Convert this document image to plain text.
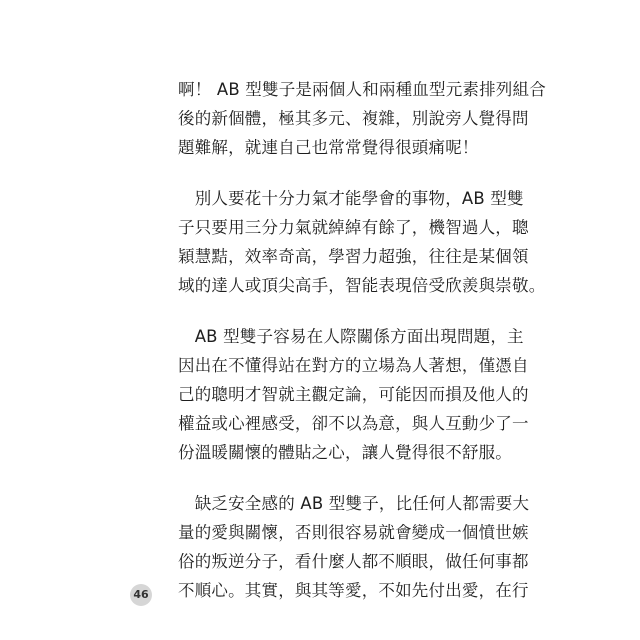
啊！ AB 型雙子是兩個人和兩種血型元素排列組合
後的新個體，極其多元、複雜，別說旁人覺得問
題難解，就連自己也常常覺得很頭痛呢！

　別人要花十分力氣才能學會的事物，AB 型雙
子只要用三分力氣就綽綽有餘了，機智過人，聰
穎慧黠，效率奇高，學習力超強，往往是某個領
域的達人或頂尖高手，智能表現倍受欣羨與崇敬。

　AB 型雙子容易在人際關係方面出現問題，主
因出在不懂得站在對方的立場為人著想，僅憑自
己的聰明才智就主觀定論，可能因而損及他人的
權益或心裡感受，卻不以為意，與人互動少了一
份溫暖關懷的體貼之心，讓人覺得很不舒服。

　缺乏安全感的 AB 型雙子，比任何人都需要大
量的愛與關懷，否則很容易就會變成一個憤世嫉
俗的叛逆分子，看什麼人都不順眼，做任何事都
不順心。其實，與其等愛，不如先付出愛，在行

46
